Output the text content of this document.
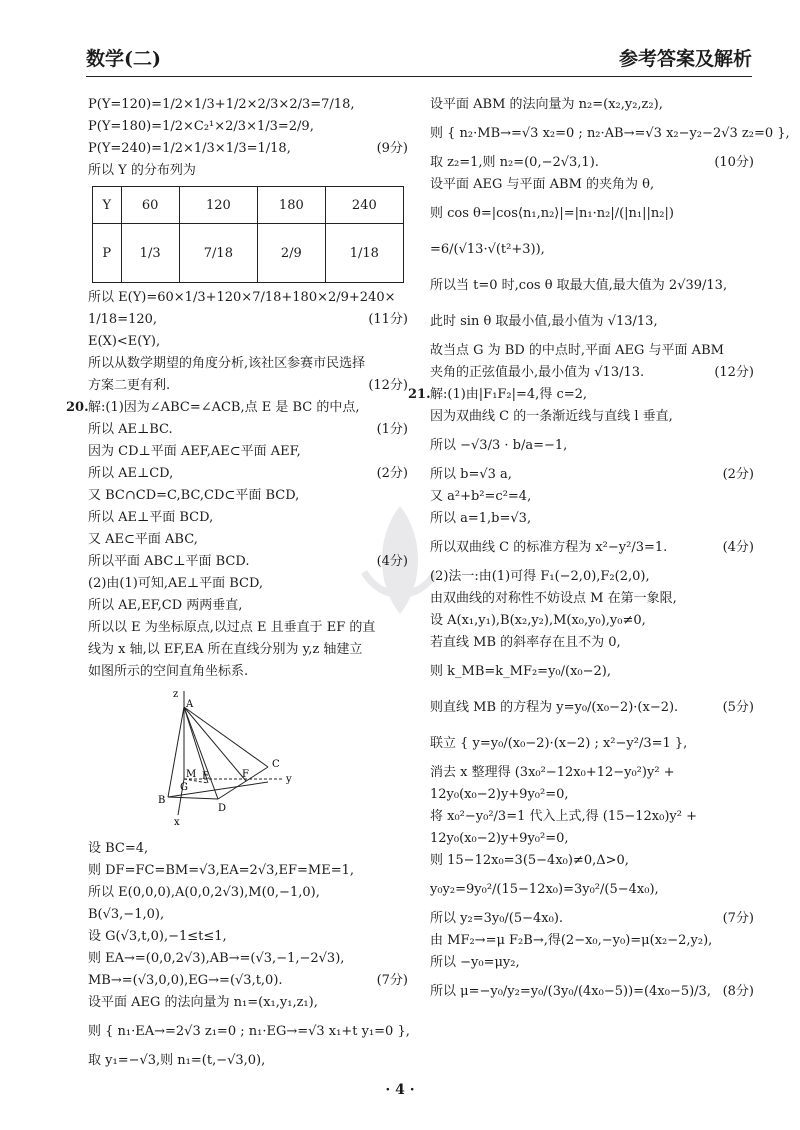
数学(二)	参考答案及解析
P(Y=120)=1/2×1/3+1/2×2/3×2/3=7/18,
P(Y=180)=1/2×C₂¹×2/3×1/3=2/9,
P(Y=240)=1/2×1/3×1/3=1/18,	(9分)
所以 Y 的分布列为
Y	60	120	180	240
P	1/3	7/18	2/9	1/18
所以 E(Y)=60×1/3+120×7/18+180×2/9+240×
1/18=120,	(11分)
E(X)<E(Y),
所以从数学期望的角度分析,该社区参赛市民选择
方案二更有利.	(12分)
20. 解:(1)因为∠ABC=∠ACB,点 E 是 BC 的中点,
所以 AE⊥BC.	(1分)
因为 CD⊥平面 AEF,AE⊂平面 AEF,
所以 AE⊥CD,	(2分)
又 BC∩CD=C,BC,CD⊂平面 BCD,
所以 AE⊥平面 BCD,
又 AE⊂平面 ABC,
所以平面 ABC⊥平面 BCD.	(4分)
(2)由(1)可知,AE⊥平面 BCD,
所以 AE,EF,CD 两两垂直,
所以以 E 为坐标原点,以过点 E 且垂直于 EF 的直
线为 x 轴,以 EF,EA 所在直线分别为 y,z 轴建立
如图所示的空间直角坐标系.
z
A
C
M
G
E	F	y
B
x
D
设 BC=4,
则 DF=FC=BM=√3,EA=2√3,EF=ME=1,
所以 E(0,0,0),A(0,0,2√3),M(0,−1,0),
B(√3,−1,0),
设 G(√3,t,0),−1≤t≤1,
则 EA→=(0,0,2√3),AB→=(√3,−1,−2√3),
MB→=(√3,0,0),EG→=(√3,t,0).	(7分)
设平面 AEG 的法向量为 n₁=(x₁,y₁,z₁),
则 { n₁·EA→=2√3 z₁=0 ; n₁·EG→=√3 x₁+t y₁=0 },
取 y₁=−√3,则 n₁=(t,−√3,0),
设平面 ABM 的法向量为 n₂=(x₂,y₂,z₂),
则 { n₂·MB→=√3 x₂=0 ; n₂·AB→=√3 x₂−y₂−2√3 z₂=0 },
取 z₂=1,则 n₂=(0,−2√3,1).	(10分)
设平面 AEG 与平面 ABM 的夹角为 θ,
则 cos θ=|cos⟨n₁,n₂⟩|=|n₁·n₂|/(|n₁||n₂|)
=6/(√13·√(t²+3)),
所以当 t=0 时,cos θ 取最大值,最大值为 2√39/13,
此时 sin θ 取最小值,最小值为 √13/13,
故当点 G 为 BD 的中点时,平面 AEG 与平面 ABM
夹角的正弦值最小,最小值为 √13/13.	(12分)
21. 解:(1)由|F₁F₂|=4,得 c=2,
因为双曲线 C 的一条渐近线与直线 l 垂直,
所以 −√3/3 · b/a=−1,
所以 b=√3 a,	(2分)
又 a²+b²=c²=4,
所以 a=1,b=√3,
所以双曲线 C 的标准方程为 x²−y²/3=1.	(4分)
(2)法一:由(1)可得 F₁(−2,0),F₂(2,0),
由双曲线的对称性不妨设点 M 在第一象限,
设 A(x₁,y₁),B(x₂,y₂),M(x₀,y₀),y₀≠0,
若直线 MB 的斜率存在且不为 0,
则 k_MB=k_MF₂=y₀/(x₀−2),
则直线 MB 的方程为 y=y₀/(x₀−2)·(x−2).	(5分)
联立 { y=y₀/(x₀−2)·(x−2) ; x²−y²/3=1 },
消去 x 整理得 (3x₀²−12x₀+12−y₀²)y² +
12y₀(x₀−2)y+9y₀²=0,
将 x₀²−y₀²/3=1 代入上式,得 (15−12x₀)y² +
12y₀(x₀−2)y+9y₀²=0,
则 15−12x₀=3(5−4x₀)≠0,Δ>0,
y₀y₂=9y₀²/(15−12x₀)=3y₀²/(5−4x₀),
所以 y₂=3y₀/(5−4x₀).	(7分)
由 MF₂→=μ F₂B→,得(2−x₀,−y₀)=μ(x₂−2,y₂),
所以 −y₀=μy₂,
所以 μ=−y₀/y₂=y₀/(3y₀/(4x₀−5))=(4x₀−5)/3, (8分)
· 4 ·
